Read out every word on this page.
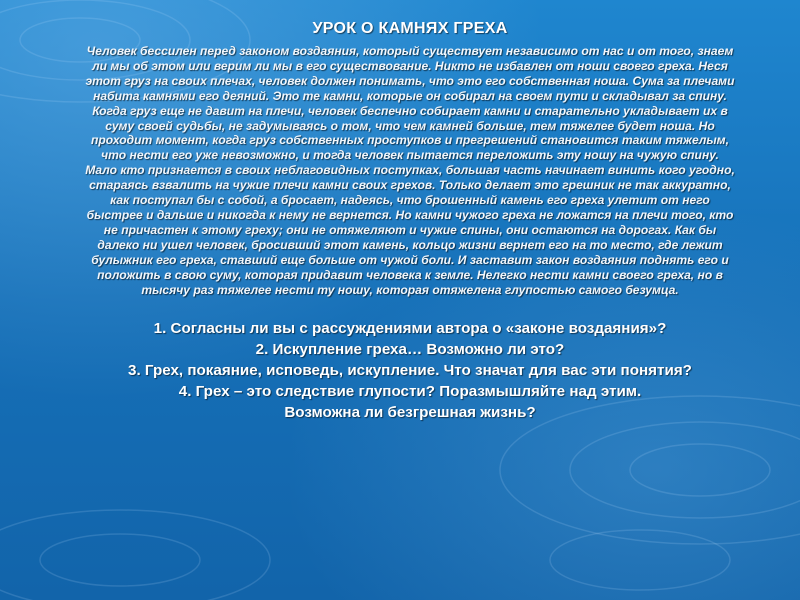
УРОК О КАМНЯХ ГРЕХА
Человек бессилен перед законом воздаяния, который существует независимо от нас и от того, знаем ли мы об этом или верим ли мы в его существование. Никто не избавлен от ноши своего греха. Неся этот груз на своих плечах, человек должен понимать, что это его собственная ноша. Сума за плечами набита камнями его деяний. Это те камни, которые он собирал на своем пути и складывал за спину. Когда груз еще не давит на плечи, человек беспечно собирает камни и старательно укладывает их в суму своей судьбы, не задумываясь о том, что чем камней больше, тем тяжелее будет ноша. Но проходит момент, когда груз собственных проступков и прегрешений становится таким тяжелым, что нести его уже невозможно, и тогда человек пытается переложить эту ношу на чужую спину. Мало кто признается в своих неблаговидных поступках, большая часть начинает винить кого угодно, стараясь взвалить на чужие плечи камни своих грехов. Только делает это грешник не так аккуратно, как поступал бы с собой, а бросает, надеясь, что брошенный камень его греха улетит от него быстрее и дальше и никогда к нему не вернется. Но камни чужого греха не ложатся на плечи того, кто не причастен к этому греху; они не отяжеляют и чужие спины, они остаются на дорогах. Как бы далеко ни ушел человек, бросивший этот камень, кольцо жизни вернет его на то место, где лежит булыжник его греха, ставший еще больше от чужой боли. И заставит закон воздаяния поднять его и положить в свою суму, которая придавит человека к земле. Нелегко нести камни своего греха, но в тысячу раз тяжелее нести ту ношу, которая отяжелена глупостью самого безумца.
1. Согласны ли вы с рассуждениями автора о «законе воздаяния»?
2. Искупление греха… Возможно ли это?
3. Грех, покаяние, исповедь, искупление. Что значат для вас эти понятия?
4. Грех – это следствие глупости? Поразмышляйте над этим.
Возможна ли безгрешная жизнь?
